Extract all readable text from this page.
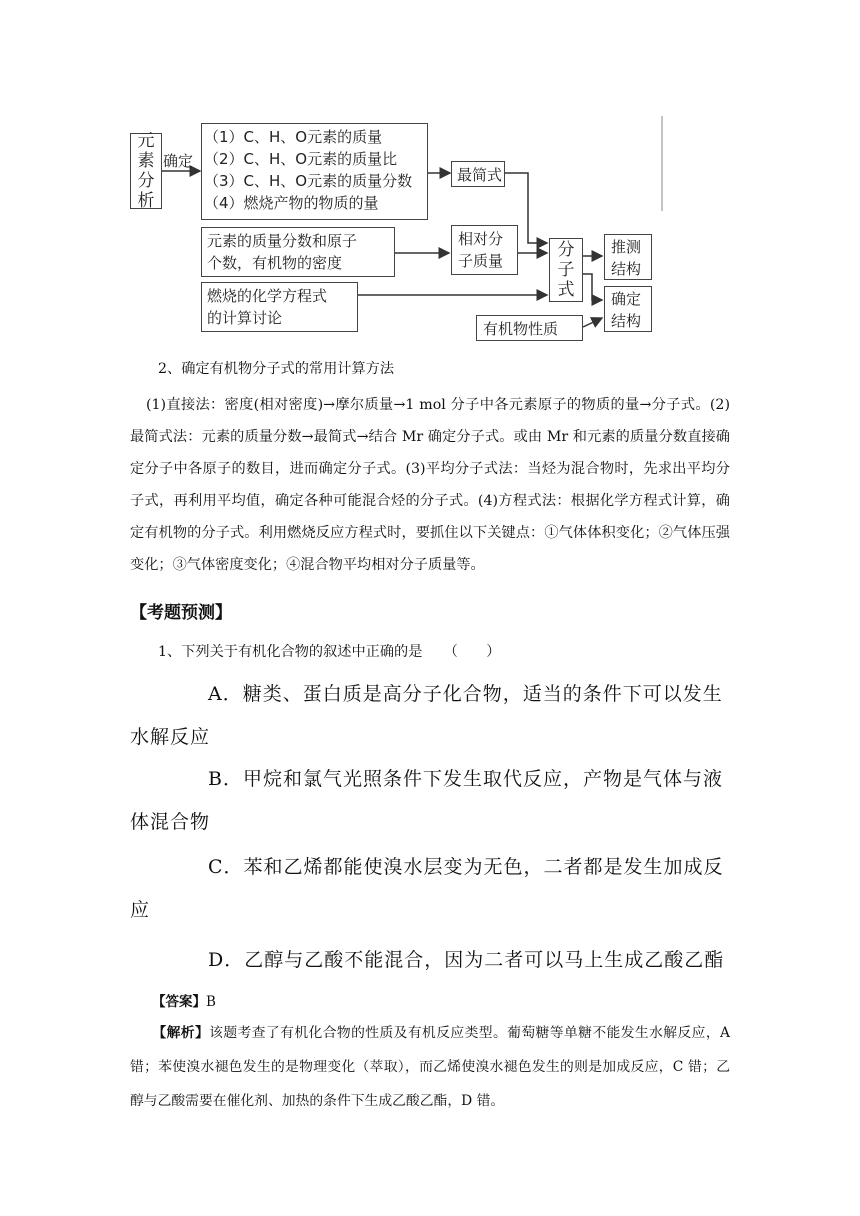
元
素
分
析
确定
（1）C、H、O元素的质量
（2）C、H、O元素的质量比
（3）C、H、O元素的质量分数
（4）燃烧产物的物质的量
最简式
元素的质量分数和原子
个数，有机物的密度
相对分
子质量
燃烧的化学方程式
的计算讨论
分
子
式
推测
结构
确定
结构
有机物性质
2、确定有机物分子式的常用计算方法
(1)直接法：密度(相对密度)→摩尔质量→1 mol 分子中各元素原子的物质的量→分子式。(2)最简式法：元素的质量分数→最简式→结合 Mr 确定分子式。或由 Mr 和元素的质量分数直接确定分子中各原子的数目，进而确定分子式。(3)平均分子式法：当烃为混合物时，先求出平均分子式，再利用平均值，确定各种可能混合烃的分子式。(4)方程式法：根据化学方程式计算，确定有机物的分子式。利用燃烧反应方程式时，要抓住以下关键点：①气体体积变化；②气体压强变化；③气体密度变化；④混合物平均相对分子质量等。
【考题预测】
1、下列关于有机化合物的叙述中正确的是　　（　　）
A．糖类、蛋白质是高分子化合物，适当的条件下可以发生
水解反应
B．甲烷和氯气光照条件下发生取代反应，产物是气体与液
体混合物
C．苯和乙烯都能使溴水层变为无色，二者都是发生加成反
应
D．乙醇与乙酸不能混合，因为二者可以马上生成乙酸乙酯
【答案】B
【解析】该题考查了有机化合物的性质及有机反应类型。葡萄糖等单糖不能发生水解反应，A 错；苯使溴水褪色发生的是物理变化（萃取），而乙烯使溴水褪色发生的则是加成反应，C 错；乙醇与乙酸需要在催化剂、加热的条件下生成乙酸乙酯，D 错。
